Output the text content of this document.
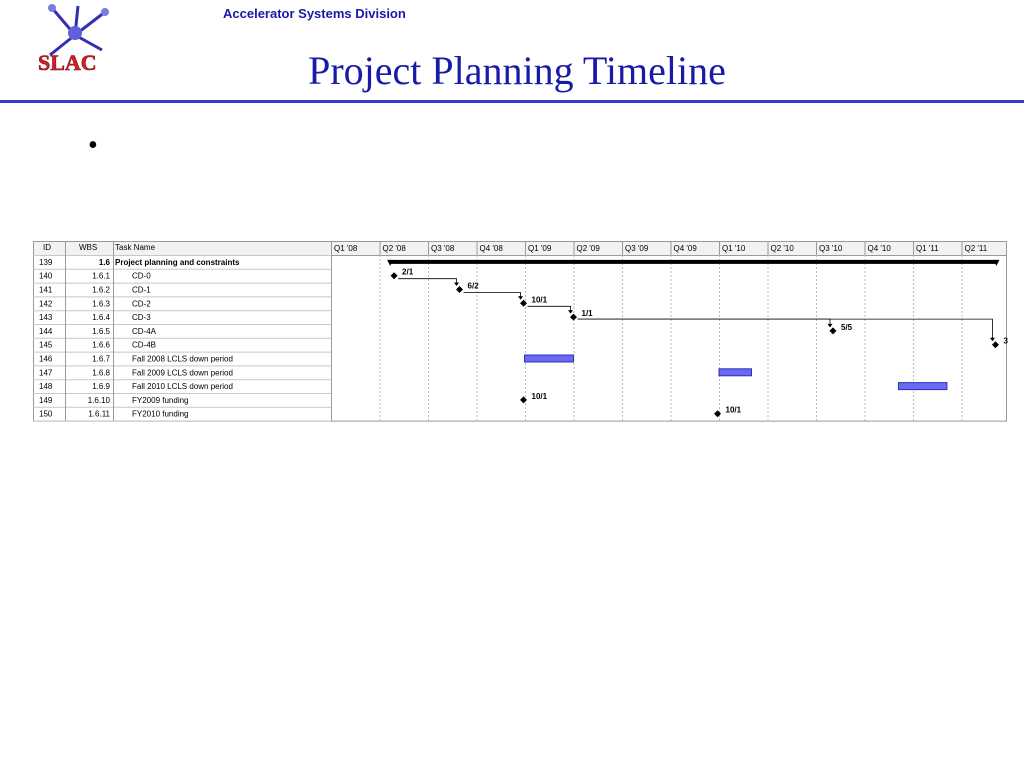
SLAC
Accelerator Systems Division
Project Planning Timeline
•
Q1 '08	Q2 '08	Q3 '08	Q4 '08	Q1 '09	Q2 '09	Q3 '09	Q4 '09	Q1 '10	Q2 '10	Q3 '10	Q4 '10	Q1 '11	Q2 '11
ID	WBS Task Name
139	1.6 Project planning and constraints
140	1.6.1	CD-0	2/1
141	1.6.2	CD-1	6/2
142	1.6.3	CD-2	10/1
143	1.6.4	CD-3	1/1
144	1.6.5	CD-4A	5/5
145	1.6.6	CD-4B	3
146	1.6.7	Fall 2008 LCLS down period
147	1.6.8	Fall 2009 LCLS down period
148	1.6.9	Fall 2010 LCLS down period
149	1.6.10	FY2009 funding	10/1
150	1.6.11	FY2010 funding	10/1
